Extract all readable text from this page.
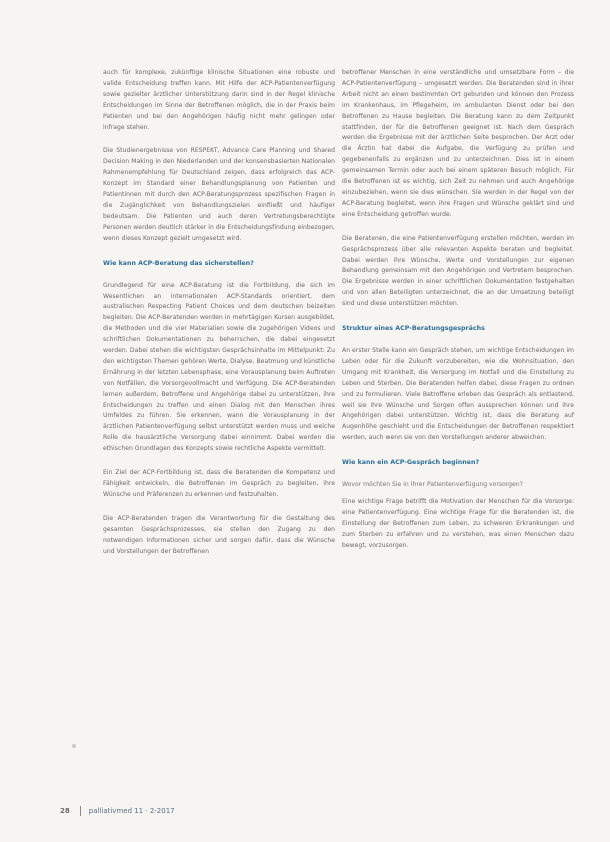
auch für komplexe, zukünftige klinische Situationen eine robuste und valide Entscheidung treffen kann. Mit Hilfe der ACP-Patientenverfügung sowie gezielter ärztlicher Unterstützung darin sind in der Regel klinische Entscheidungen im Sinne der Betroffenen möglich, die in der Praxis beim Patienten und bei den Angehörigen häufig nicht mehr gelingen oder infrage stehen.

Die Studienergebnisse von RESPEKT, Advance Care Planning und Shared Decision Making in den Niederlanden und der konsensbasierten Nationalen Rahmenempfehlung für Deutschland zeigen, dass erfolgreich das ACP-Konzept im Standard einer Behandlungsplanung von Patienten und Patientinnen mit durch den ACP-Beratungsprozess spezifischen Fragen in die Zugänglichkeit von Behandlungszielen einfließt und häufiger bedeutsam. Die Patienten und auch deren Vertretungsberechtigte Personen werden deutlich stärker in die Entscheidungsfindung einbezogen, wenn dieses Konzept gezielt umgesetzt wird.

Wie kann ACP-Beratung das sicherstellen?

Grundlegend für eine ACP-Beratung ist die Fortbildung, die sich im Wesentlichen an internationalen ACP-Standards orientiert, dem australischen Respecting Patient Choices und dem deutschen beizeiten begleiten. Die ACP-Beratenden werden in mehrtägigen Kursen ausgebildet, die Methoden und die vier Materialien sowie die zugehörigen Videos und schriftlichen Dokumentationen zu beherrschen, die dabei eingesetzt werden. Dabei stehen die wichtigsten Gesprächsinhalte im Mittelpunkt: Zu den wichtigsten Themen gehören Werte, Dialyse, Beatmung und künstliche Ernährung in der letzten Lebensphase, eine Vorausplanung beim Auftreten von Notfällen, die Vorsorgevollmacht und Verfügung. Die ACP-Beratenden lernen außerdem, Betroffene und Angehörige dabei zu unterstützen, ihre Entscheidungen zu treffen und einen Dialog mit den Menschen ihres Umfeldes zu führen. Sie erkennen, wann die Vorausplanung in der ärztlichen Patientenverfügung selbst unterstützt werden muss und welche Rolle die hausärztliche Versorgung dabei einnimmt. Dabei werden die ethischen Grundlagen des Konzepts sowie rechtliche Aspekte vermittelt.

Ein Ziel der ACP-Fortbildung ist, dass die Beratenden die Kompetenz und Fähigkeit entwickeln, die Betroffenen im Gespräch zu begleiten, ihre Wünsche und Präferenzen zu erkennen und festzuhalten.

Die ACP-Beratenden tragen die Verantwortung für die Gestaltung des gesamten Gesprächsprozesses, sie stellen den Zugang zu den notwendigen Informationen sicher und sorgen dafür, dass die Wünsche und Vorstellungen der Betroffenen

betroffener Menschen in eine verständliche und umsetzbare Form – die ACP-Patientenverfügung – umgesetzt werden. Die Beratenden sind in ihrer Arbeit nicht an einen bestimmten Ort gebunden und können den Prozess im Krankenhaus, im Pflegeheim, im ambulanten Dienst oder bei den Betroffenen zu Hause begleiten. Die Beratung kann zu dem Zeitpunkt stattfinden, der für die Betroffenen geeignet ist. Nach dem Gespräch werden die Ergebnisse mit der ärztlichen Seite besprochen. Der Arzt oder die Ärztin hat dabei die Aufgabe, die Verfügung zu prüfen und gegebenenfalls zu ergänzen und zu unterzeichnen. Dies ist in einem gemeinsamen Termin oder auch bei einem späteren Besuch möglich. Für die Betroffenen ist es wichtig, sich Zeit zu nehmen und auch Angehörige einzubeziehen, wenn sie dies wünschen. Sie werden in der Regel von der ACP-Beratung begleitet, wenn ihre Fragen und Wünsche geklärt sind und eine Entscheidung getroffen wurde.

Die Beratenen, die eine Patientenverfügung erstellen möchten, werden im Gesprächsprozess über alle relevanten Aspekte beraten und begleitet. Dabei werden ihre Wünsche, Werte und Vorstellungen zur eigenen Behandlung gemeinsam mit den Angehörigen und Vertretern besprochen. Die Ergebnisse werden in einer schriftlichen Dokumentation festgehalten und von allen Beteiligten unterzeichnet, die an der Umsetzung beteiligt sind und diese unterstützen möchten.

Struktur eines ACP-Beratungsgesprächs

An erster Stelle kann ein Gespräch stehen, um wichtige Entscheidungen im Leben oder für die Zukunft vorzubereiten, wie die Wohnsituation, den Umgang mit Krankheit, die Versorgung im Notfall und die Einstellung zu Leben und Sterben. Die Beratenden helfen dabei, diese Fragen zu ordnen und zu formulieren. Viele Betroffene erleben das Gespräch als entlastend, weil sie ihre Wünsche und Sorgen offen aussprechen können und ihre Angehörigen dabei unterstützen. Wichtig ist, dass die Beratung auf Augenhöhe geschieht und die Entscheidungen der Betroffenen respektiert werden, auch wenn sie von den Vorstellungen anderer abweichen.

Wie kann ein ACP-Gespräch beginnen?
Wovor möchten Sie in Ihrer Patientenverfügung vorsorgen?

Eine wichtige Frage betrifft die Motivation der Menschen für die Vorsorge: eine Patientenverfügung. Eine wichtige Frage für die Beratenden ist, die Einstellung der Betroffenen zum Leben, zu schweren Erkrankungen und zum Sterben zu erfahren und zu verstehen, was einen Menschen dazu bewegt, vorzusorgen.

28	palliativmed 11 · 2-2017
